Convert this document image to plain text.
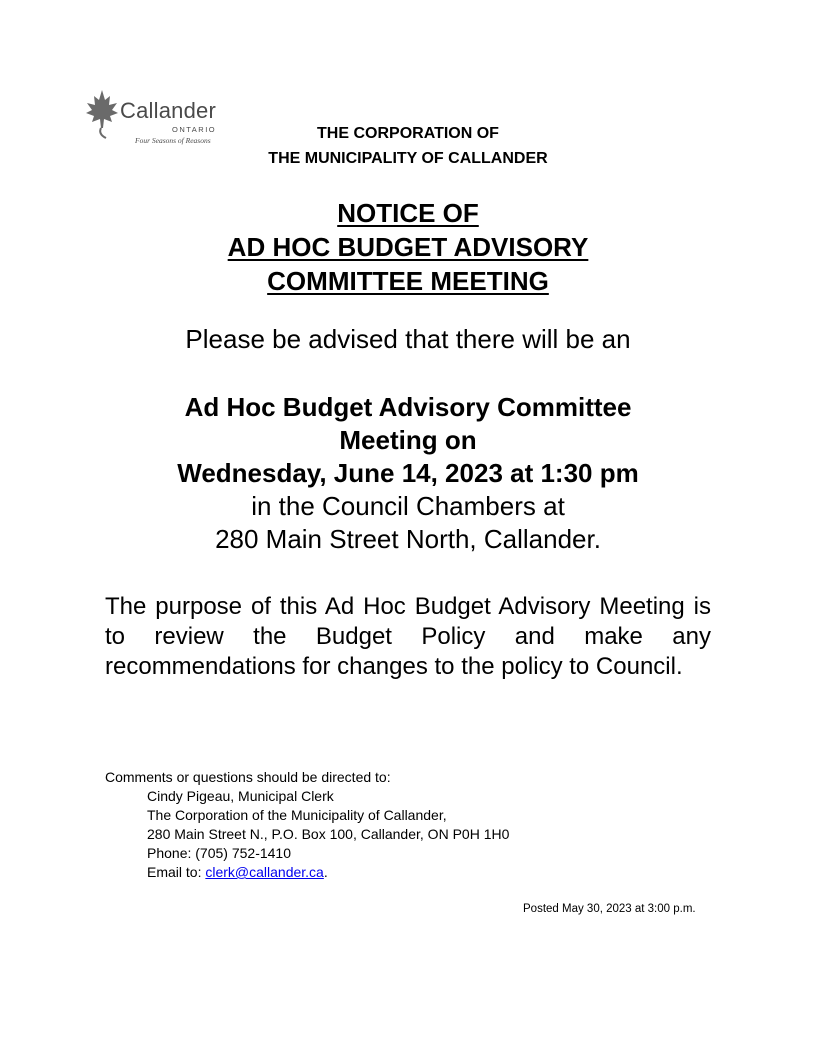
Callander
ONTARIO
Four Seasons of Reasons	THE CORPORATION OF
THE MUNICIPALITY OF CALLANDER
NOTICE OF
AD HOC BUDGET ADVISORY
COMMITTEE MEETING
Please be advised that there will be an
Ad Hoc Budget Advisory Committee
Meeting on
Wednesday, June 14, 2023 at 1:30 pm
in the Council Chambers at
280 Main Street North, Callander.
The purpose of this Ad Hoc Budget Advisory Meeting is to review the Budget Policy and make any recommendations for changes to the policy to Council.
Comments or questions should be directed to:
Cindy Pigeau, Municipal Clerk
The Corporation of the Municipality of Callander,
280 Main Street N., P.O. Box 100, Callander, ON P0H 1H0
Phone: (705) 752-1410
Email to: clerk@callander.ca.
Posted May 30, 2023 at 3:00 p.m.
